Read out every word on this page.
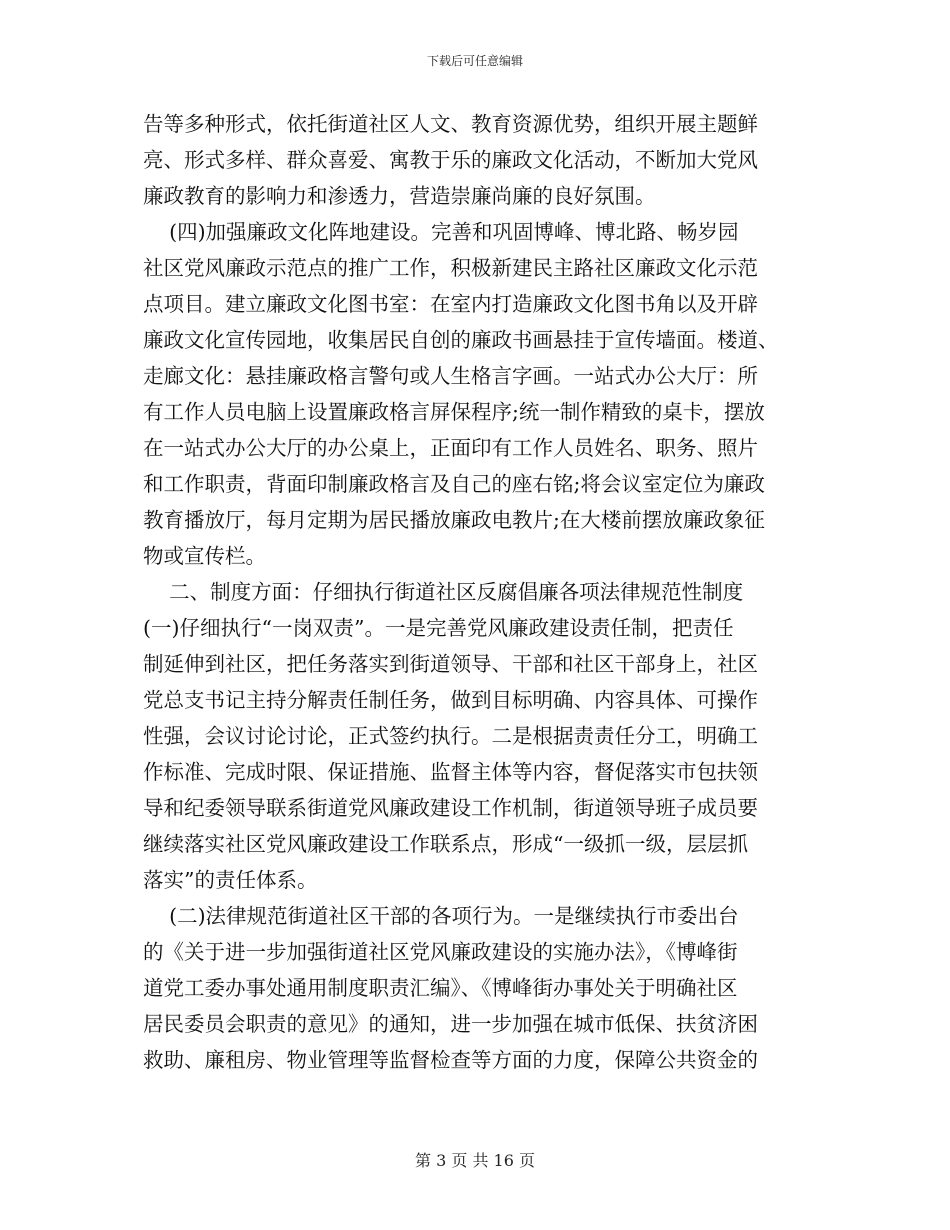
下载后可任意编辑
告等多种形式，依托街道社区人文、教育资源优势，组织开展主题鲜
亮、形式多样、群众喜爱、寓教于乐的廉政文化活动，不断加大党风
廉政教育的影响力和渗透力，营造崇廉尚廉的良好氛围。
(四)加强廉政文化阵地建设。完善和巩固博峰、博北路、畅岁园
社区党风廉政示范点的推广工作，积极新建民主路社区廉政文化示范
点项目。建立廉政文化图书室：在室内打造廉政文化图书角以及开辟
廉政文化宣传园地，收集居民自创的廉政书画悬挂于宣传墙面。楼道、
走廊文化：悬挂廉政格言警句或人生格言字画。一站式办公大厅：所
有工作人员电脑上设置廉政格言屏保程序;统一制作精致的桌卡，摆放
在一站式办公大厅的办公桌上，正面印有工作人员姓名、职务、照片
和工作职责，背面印制廉政格言及自己的座右铭;将会议室定位为廉政
教育播放厅，每月定期为居民播放廉政电教片;在大楼前摆放廉政象征
物或宣传栏。
二、制度方面：仔细执行街道社区反腐倡廉各项法律规范性制度
(一)仔细执行“一岗双责”。一是完善党风廉政建设责任制，把责任
制延伸到社区，把任务落实到街道领导、干部和社区干部身上，社区
党总支书记主持分解责任制任务，做到目标明确、内容具体、可操作
性强，会议讨论讨论，正式签约执行。二是根据责责任分工，明确工
作标准、完成时限、保证措施、监督主体等内容，督促落实市包扶领
导和纪委领导联系街道党风廉政建设工作机制，街道领导班子成员要
继续落实社区党风廉政建设工作联系点，形成“一级抓一级，层层抓
落实”的责任体系。
(二)法律规范街道社区干部的各项行为。一是继续执行市委出台
的《关于进一步加强街道社区党风廉政建设的实施办法》，《博峰街
道党工委办事处通用制度职责汇编》、《博峰街办事处关于明确社区
居民委员会职责的意见》的通知，进一步加强在城市低保、扶贫济困
救助、廉租房、物业管理等监督检查等方面的力度，保障公共资金的
第 3 页 共 16 页
